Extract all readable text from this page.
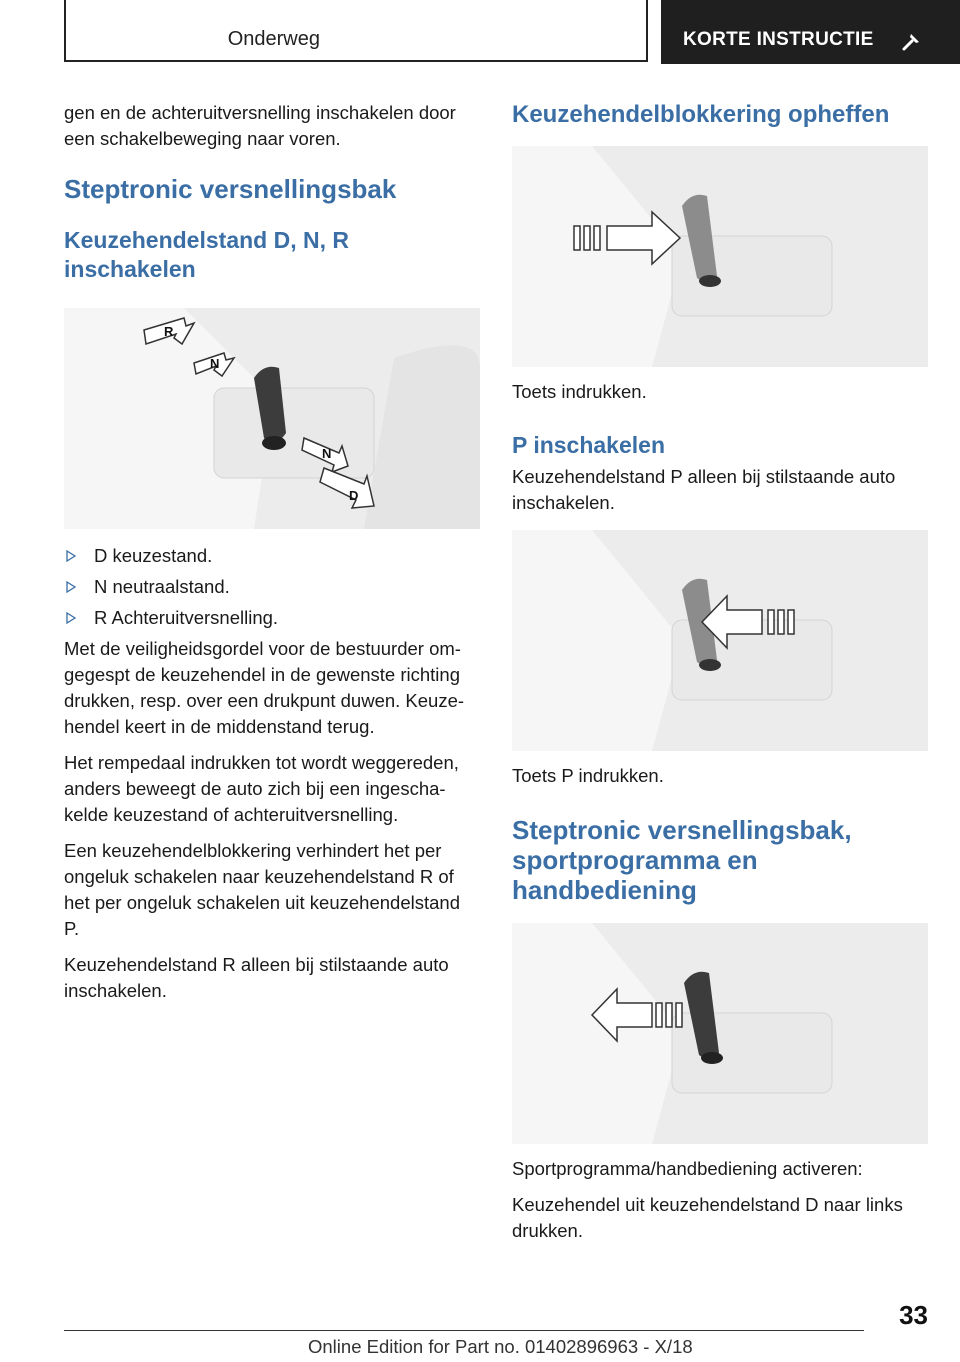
Onderweg	KORTE INSTRUCTIE

gen en de achteruitversnelling inschakelen door een schakelbeweging naar voren.

Steptronic versnellingsbak
Keuzehendelstand D, N, R inschakelen
R
N
N
D
D keuzestand.
N neutraalstand.
R Achteruitversnelling.

Met de veiligheidsgordel voor de bestuurder omgegespt de keuzehendel in de gewenste richting drukken, resp. over een drukpunt duwen. Keuzehendel keert in de middenstand terug.

Het rempedaal indrukken tot wordt weggereden, anders beweegt de auto zich bij een ingeschakelde keuzestand of achteruitversnelling.

Een keuzehendelblokkering verhindert het per ongeluk schakelen naar keuzehendelstand R of het per ongeluk schakelen uit keuzehendelstand P.

Keuzehendelstand R alleen bij stilstaande auto inschakelen.

Keuzehendelblokkering opheffen

Toets indrukken.

P inschakelen

Keuzehendelstand P alleen bij stilstaande auto inschakelen.

Toets P indrukken.

Steptronic versnellingsbak, sportprogramma en handbediening

Sportprogramma/handbediening activeren:

Keuzehendel uit keuzehendelstand D naar links drukken.

33
Online Edition for Part no. 01402896963 - X/18
